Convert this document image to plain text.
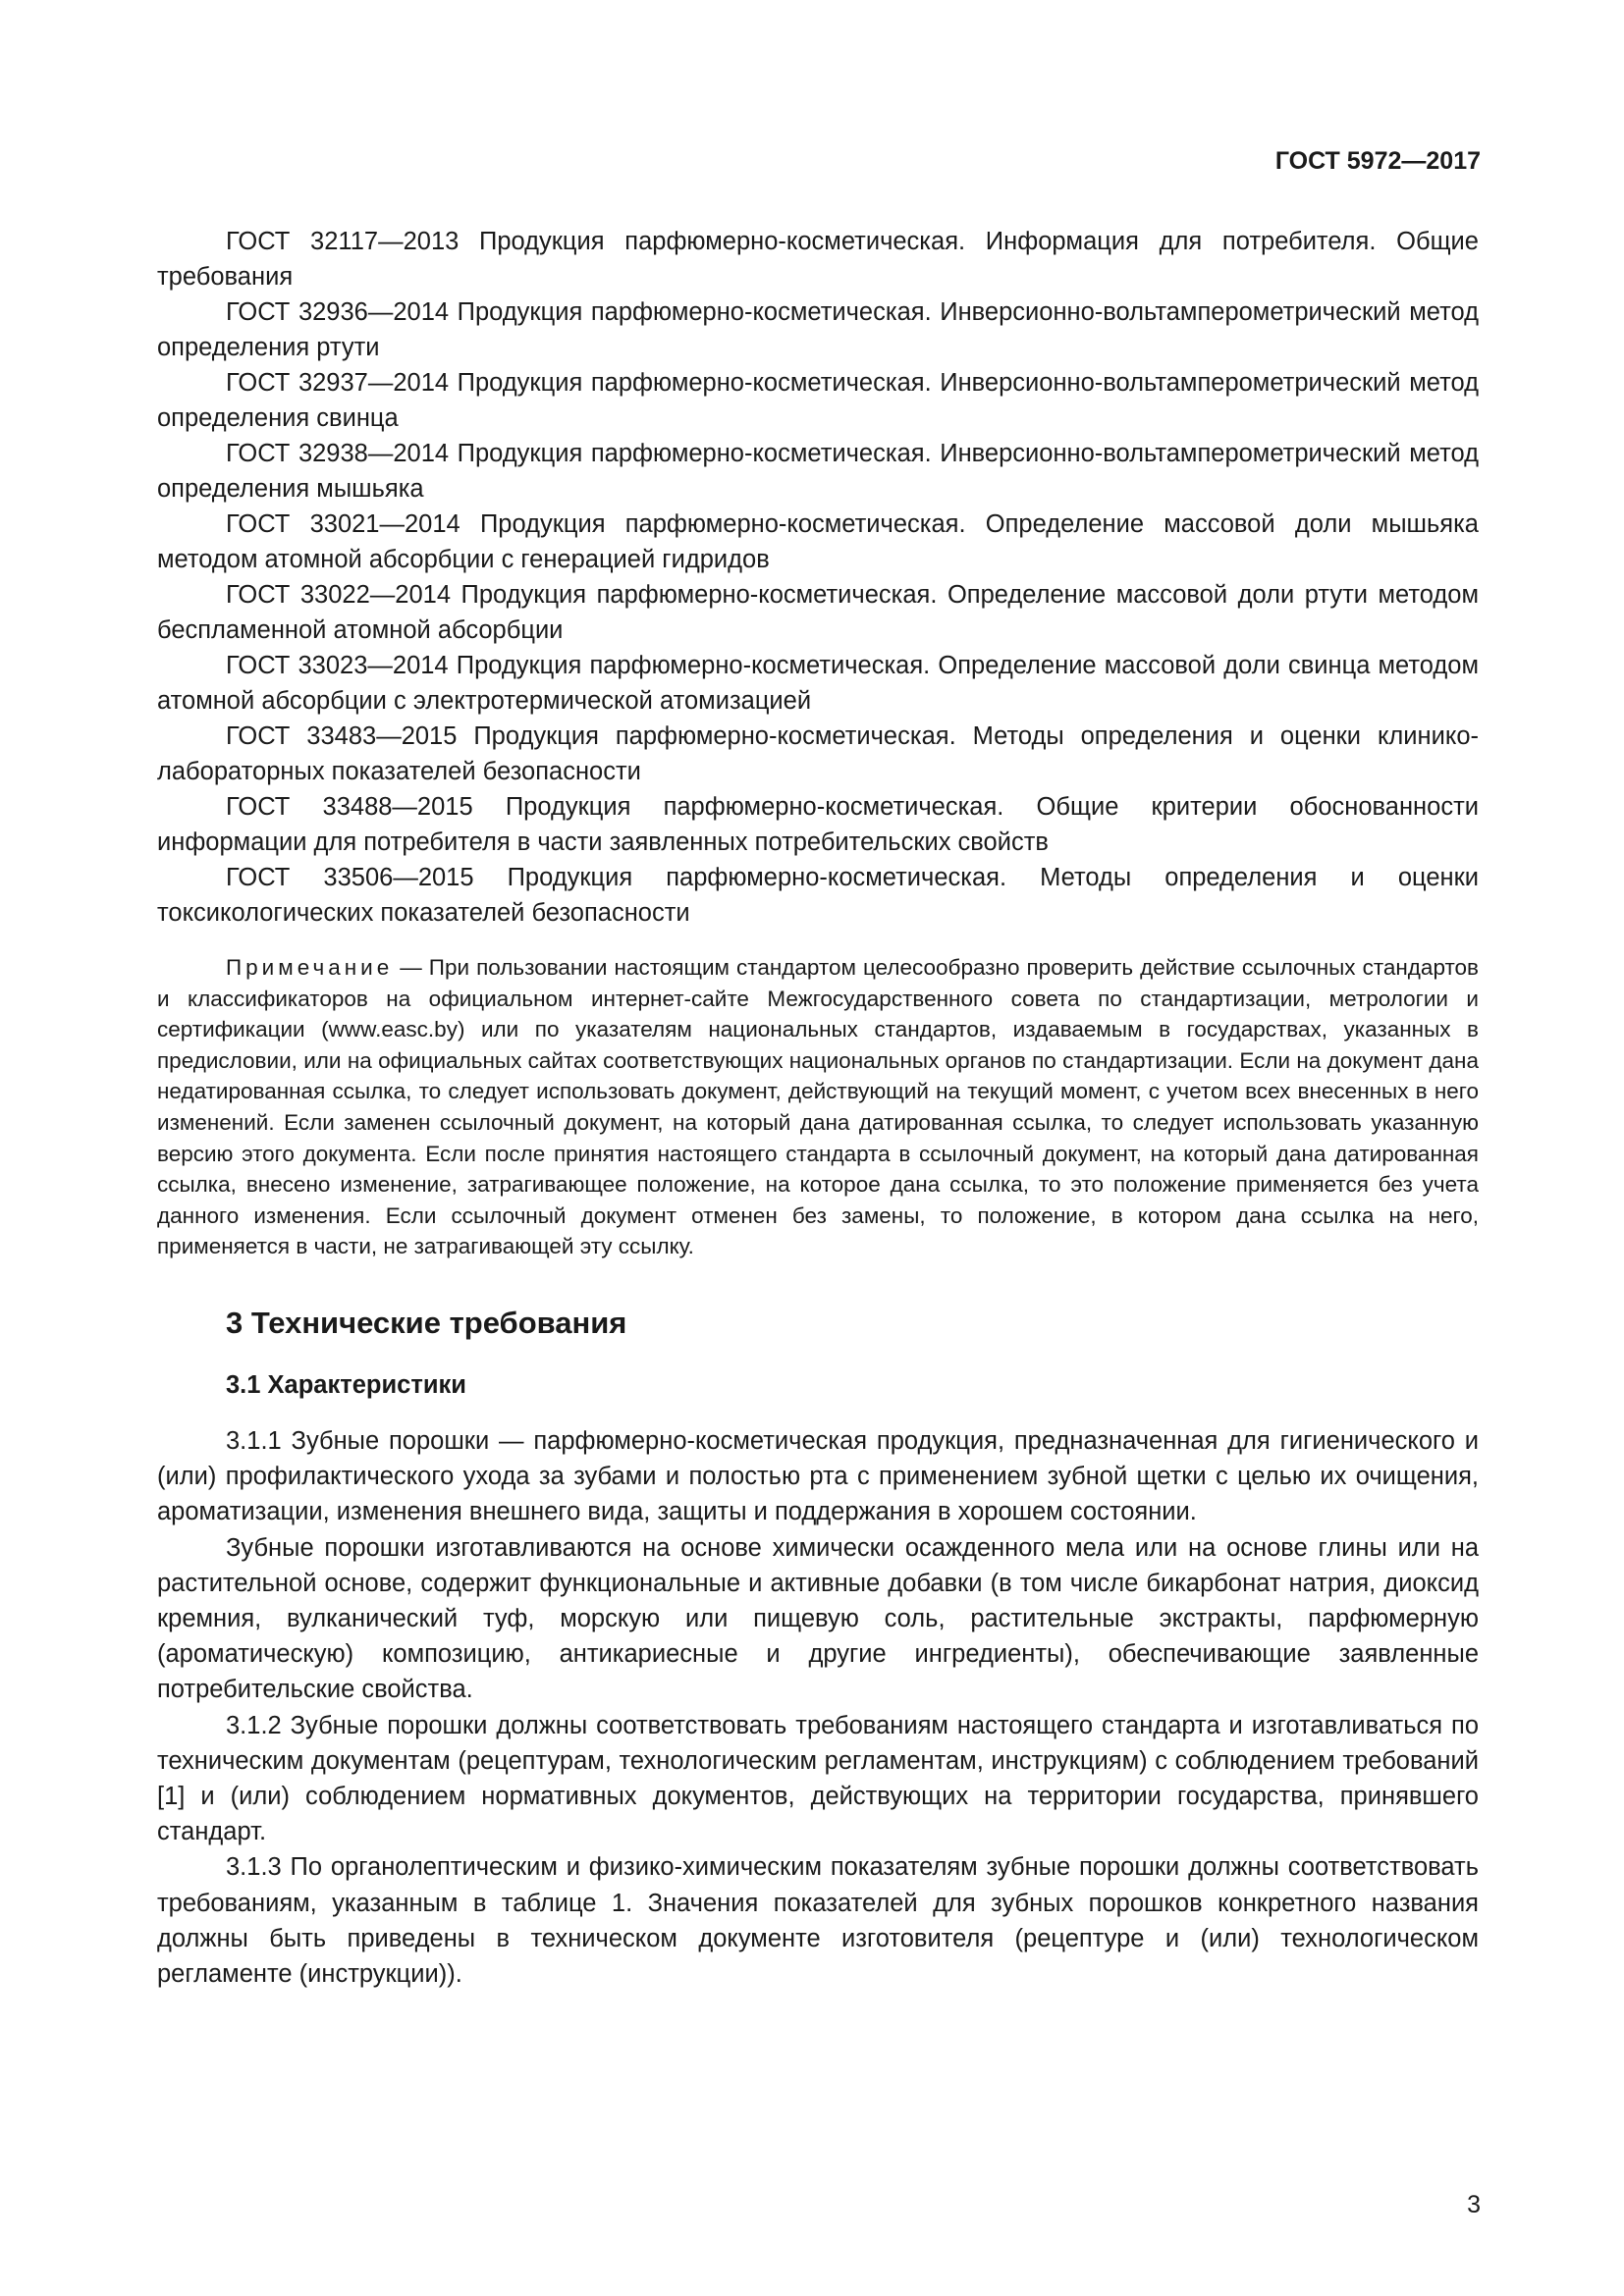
ГОСТ 5972—2017

ГОСТ 32117—2013 Продукция парфюмерно-косметическая. Информация для потребителя. Общие требования

ГОСТ 32936—2014 Продукция парфюмерно-косметическая. Инверсионно-вольтамперометрический метод определения ртути

ГОСТ 32937—2014 Продукция парфюмерно-косметическая. Инверсионно-вольтамперометрический метод определения свинца

ГОСТ 32938—2014 Продукция парфюмерно-косметическая. Инверсионно-вольтамперометрический метод определения мышьяка

ГОСТ 33021—2014 Продукция парфюмерно-косметическая. Определение массовой доли мышьяка методом атомной абсорбции с генерацией гидридов

ГОСТ 33022—2014 Продукция парфюмерно-косметическая. Определение массовой доли ртути методом беспламенной атомной абсорбции

ГОСТ 33023—2014 Продукция парфюмерно-косметическая. Определение массовой доли свинца методом атомной абсорбции с электротермической атомизацией

ГОСТ 33483—2015 Продукция парфюмерно-косметическая. Методы определения и оценки клинико-лабораторных показателей безопасности

ГОСТ 33488—2015 Продукция парфюмерно-косметическая. Общие критерии обоснованности информации для потребителя в части заявленных потребительских свойств

ГОСТ 33506—2015 Продукция парфюмерно-косметическая. Методы определения и оценки токсикологических показателей безопасности

Примечание — При пользовании настоящим стандартом целесообразно проверить действие ссылочных стандартов и классификаторов на официальном интернет-сайте Межгосударственного совета по стандартизации, метрологии и сертификации (www.easc.by) или по указателям национальных стандартов, издаваемым в государствах, указанных в предисловии, или на официальных сайтах соответствующих национальных органов по стандартизации. Если на документ дана недатированная ссылка, то следует использовать документ, действующий на текущий момент, с учетом всех внесенных в него изменений. Если заменен ссылочный документ, на который дана датированная ссылка, то следует использовать указанную версию этого документа. Если после принятия настоящего стандарта в ссылочный документ, на который дана датированная ссылка, внесено изменение, затрагивающее положение, на которое дана ссылка, то это положение применяется без учета данного изменения. Если ссылочный документ отменен без замены, то положение, в котором дана ссылка на него, применяется в части, не затрагивающей эту ссылку.
3 Технические требования
3.1 Характеристики

3.1.1 Зубные порошки — парфюмерно-косметическая продукция, предназначенная для гигиенического и (или) профилактического ухода за зубами и полостью рта с применением зубной щетки с целью их очищения, ароматизации, изменения внешнего вида, защиты и поддержания в хорошем состоянии.

Зубные порошки изготавливаются на основе химически осажденного мела или на основе глины или на растительной основе, содержит функциональные и активные добавки (в том числе бикарбонат натрия, диоксид кремния, вулканический туф, морскую или пищевую соль, растительные экстракты, парфюмерную (ароматическую) композицию, антикариесные и другие ингредиенты), обеспечивающие заявленные потребительские свойства.

3.1.2 Зубные порошки должны соответствовать требованиям настоящего стандарта и изготавливаться по техническим документам (рецептурам, технологическим регламентам, инструкциям) с соблюдением требований [1] и (или) соблюдением нормативных документов, действующих на территории государства, принявшего стандарт.

3.1.3 По органолептическим и физико-химическим показателям зубные порошки должны соответствовать требованиям, указанным в таблице 1. Значения показателей для зубных порошков конкретного названия должны быть приведены в техническом документе изготовителя (рецептуре и (или) технологическом регламенте (инструкции)).

3
